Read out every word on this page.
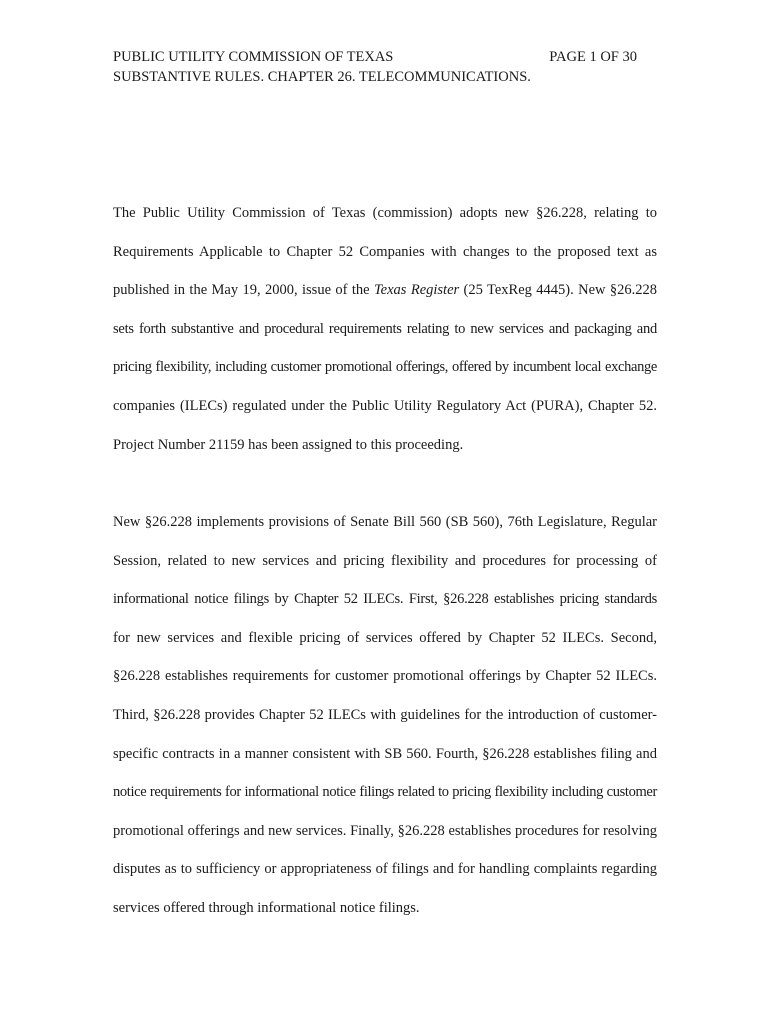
PUBLIC UTILITY COMMISSION OF TEXAS	PAGE 1 OF 30
SUBSTANTIVE RULES. CHAPTER 26. TELECOMMUNICATIONS.
The Public Utility Commission of Texas (commission) adopts new §26.228, relating to
Requirements Applicable to Chapter 52 Companies with changes to the proposed text as
published in the May 19, 2000, issue of the Texas Register (25 TexReg 4445). New §26.228
sets forth substantive and procedural requirements relating to new services and packaging and
pricing flexibility, including customer promotional offerings, offered by incumbent local exchange
companies (ILECs) regulated under the Public Utility Regulatory Act (PURA), Chapter 52.
Project Number 21159 has been assigned to this proceeding.
New §26.228 implements provisions of Senate Bill 560 (SB 560), 76th Legislature, Regular
Session, related to new services and pricing flexibility and procedures for processing of
informational notice filings by Chapter 52 ILECs. First, §26.228 establishes pricing standards
for new services and flexible pricing of services offered by Chapter 52 ILECs. Second,
§26.228 establishes requirements for customer promotional offerings by Chapter 52 ILECs.
Third, §26.228 provides Chapter 52 ILECs with guidelines for the introduction of customer-
specific contracts in a manner consistent with SB 560. Fourth, §26.228 establishes filing and
notice requirements for informational notice filings related to pricing flexibility including customer
promotional offerings and new services. Finally, §26.228 establishes procedures for resolving
disputes as to sufficiency or appropriateness of filings and for handling complaints regarding
services offered through informational notice filings.
